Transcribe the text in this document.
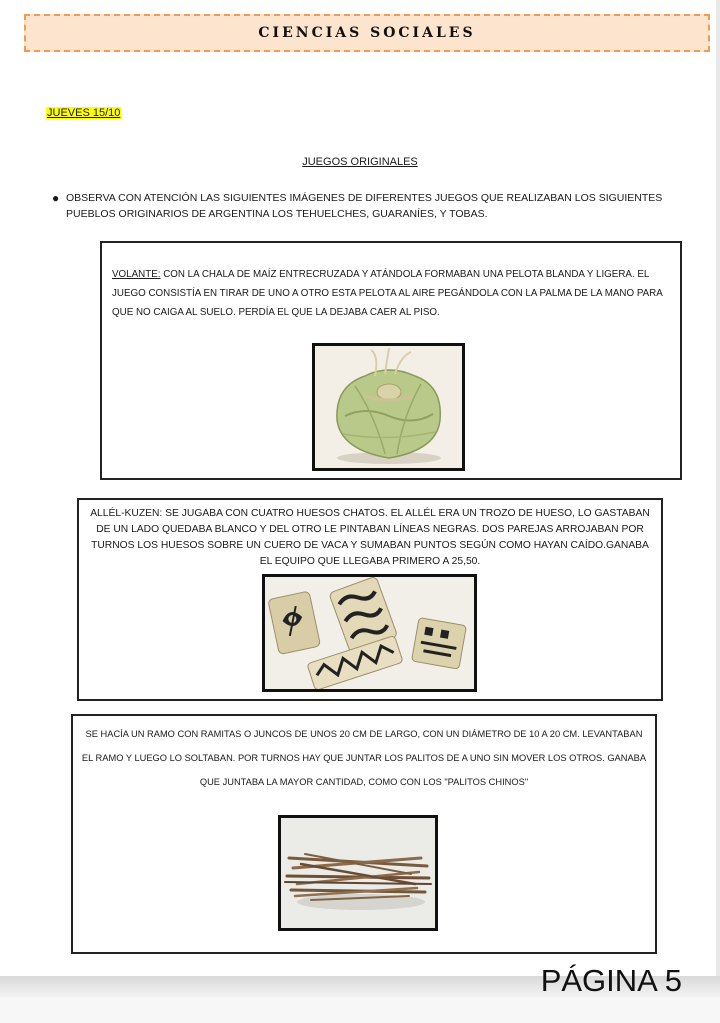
CIENCIAS SOCIALES
JUEVES 15/10
JUEGOS ORIGINALES
● OBSERVA CON ATENCIÓN LAS SIGUIENTES IMÁGENES DE DIFERENTES JUEGOS QUE REALIZABAN LOS SIGUIENTES PUEBLOS ORIGINARIOS DE ARGENTINA LOS TEHUELCHES, GUARANÍES, Y TOBAS.
VOLANTE: CON LA CHALA DE MAÍZ ENTRECRUZADA Y ATÁNDOLA FORMABAN UNA PELOTA BLANDA Y LIGERA. EL JUEGO CONSISTÍA EN TIRAR DE UNO A OTRO ESTA PELOTA AL AIRE PEGÁNDOLA CON LA PALMA DE LA MANO PARA QUE NO CAIGA AL SUELO. PERDÍA EL QUE LA DEJABA CAER AL PISO.
ALLÉL-KUZEN: SE JUGABA CON CUATRO HUESOS CHATOS. EL ALLÉL ERA UN TROZO DE HUESO, LO GASTABAN DE UN LADO QUEDABA BLANCO Y DEL OTRO LE PINTABAN LÍNEAS NEGRAS. DOS PAREJAS ARROJABAN POR TURNOS LOS HUESOS SOBRE UN CUERO DE VACA Y SUMABAN PUNTOS SEGÚN COMO HAYAN CAÍDO.GANABA EL EQUIPO QUE LLEGABA PRIMERO A 25,50.
SE HACÍA UN RAMO CON RAMITAS O JUNCOS DE UNOS 20 CM DE LARGO, CON UN DIÁMETRO DE 10 A 20 CM. LEVANTABAN EL RAMO Y LUEGO LO SOLTABAN. POR TURNOS HAY QUE JUNTAR LOS PALITOS DE A UNO SIN MOVER LOS OTROS. GANABA QUE JUNTABA LA MAYOR CANTIDAD, COMO CON LOS "PALITOS CHINOS"
PÁGINA 5
